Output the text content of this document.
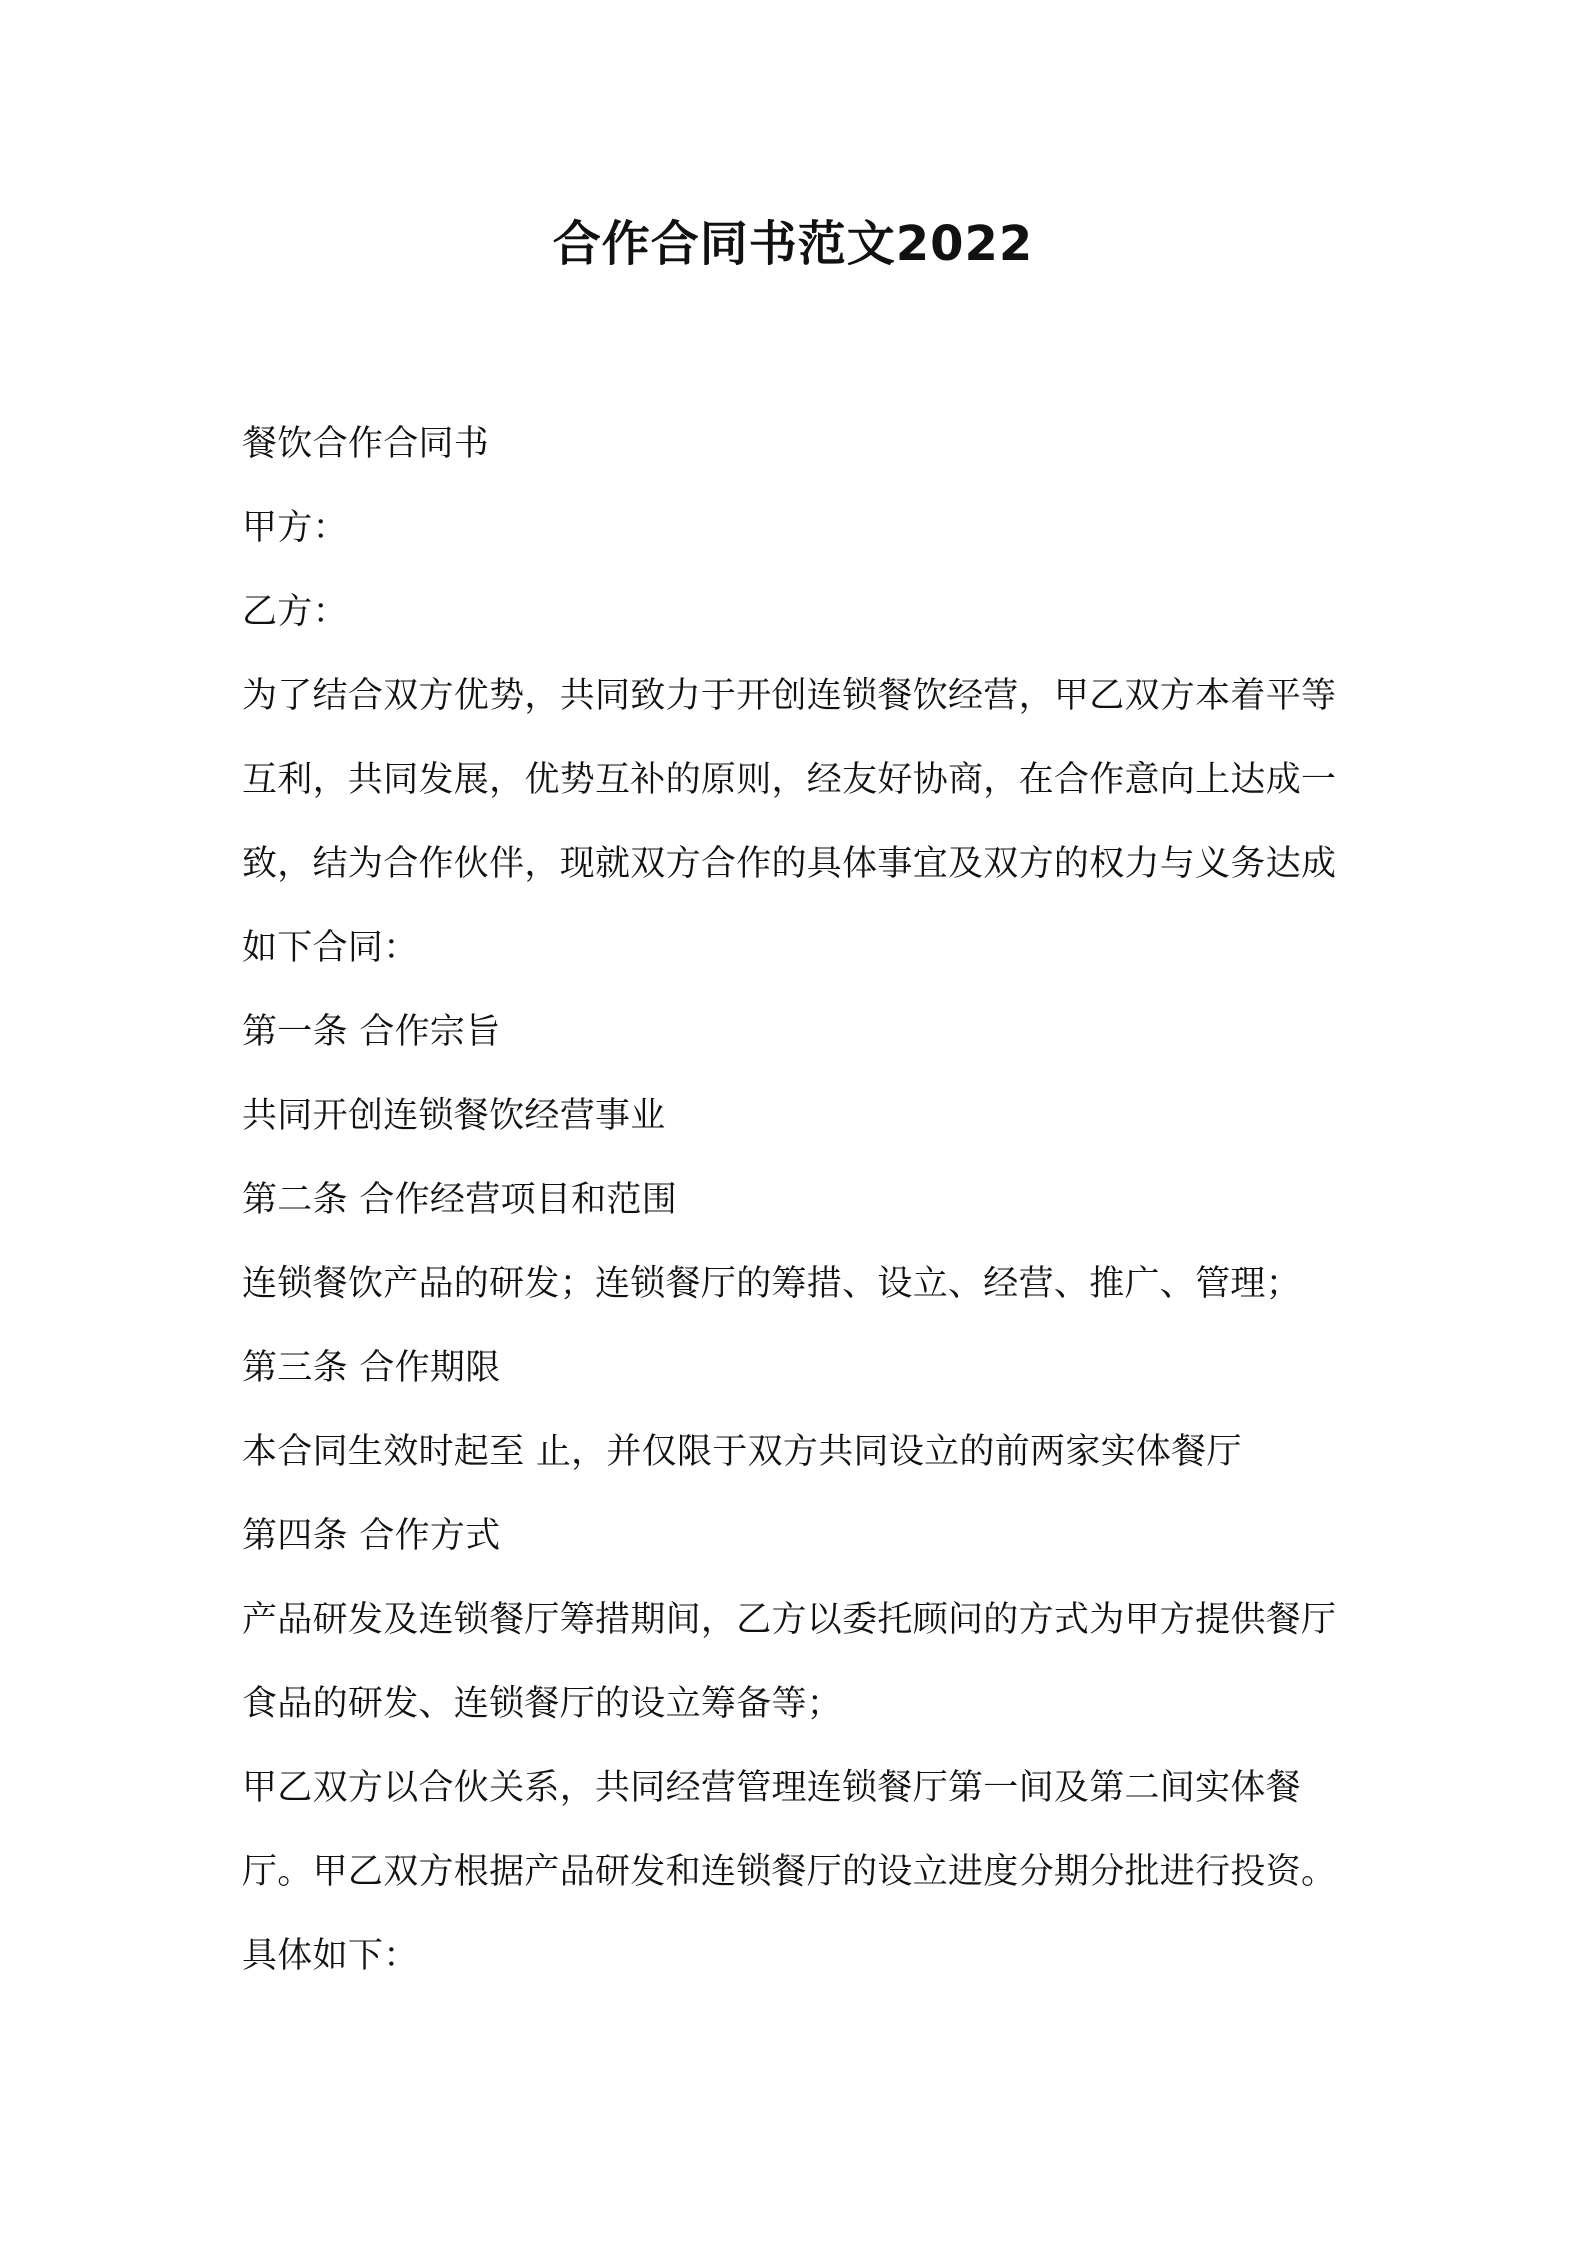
合作合同书范文2022
餐饮合作合同书
甲方：
乙方：
为了结合双方优势，共同致力于开创连锁餐饮经营，甲乙双方本着平等互利，共同发展，优势互补的原则，经友好协商，在合作意向上达成一致，结为合作伙伴，现就双方合作的具体事宜及双方的权力与义务达成如下合同：
第一条 合作宗旨
共同开创连锁餐饮经营事业
第二条 合作经营项目和范围
连锁餐饮产品的研发；连锁餐厅的筹措、设立、经营、推广、管理；
第三条 合作期限
本合同生效时起至 止，并仅限于双方共同设立的前两家实体餐厅
第四条 合作方式
产品研发及连锁餐厅筹措期间，乙方以委托顾问的方式为甲方提供餐厅食品的研发、连锁餐厅的设立筹备等；
甲乙双方以合伙关系，共同经营管理连锁餐厅第一间及第二间实体餐厅。甲乙双方根据产品研发和连锁餐厅的设立进度分期分批进行投资。
具体如下：
